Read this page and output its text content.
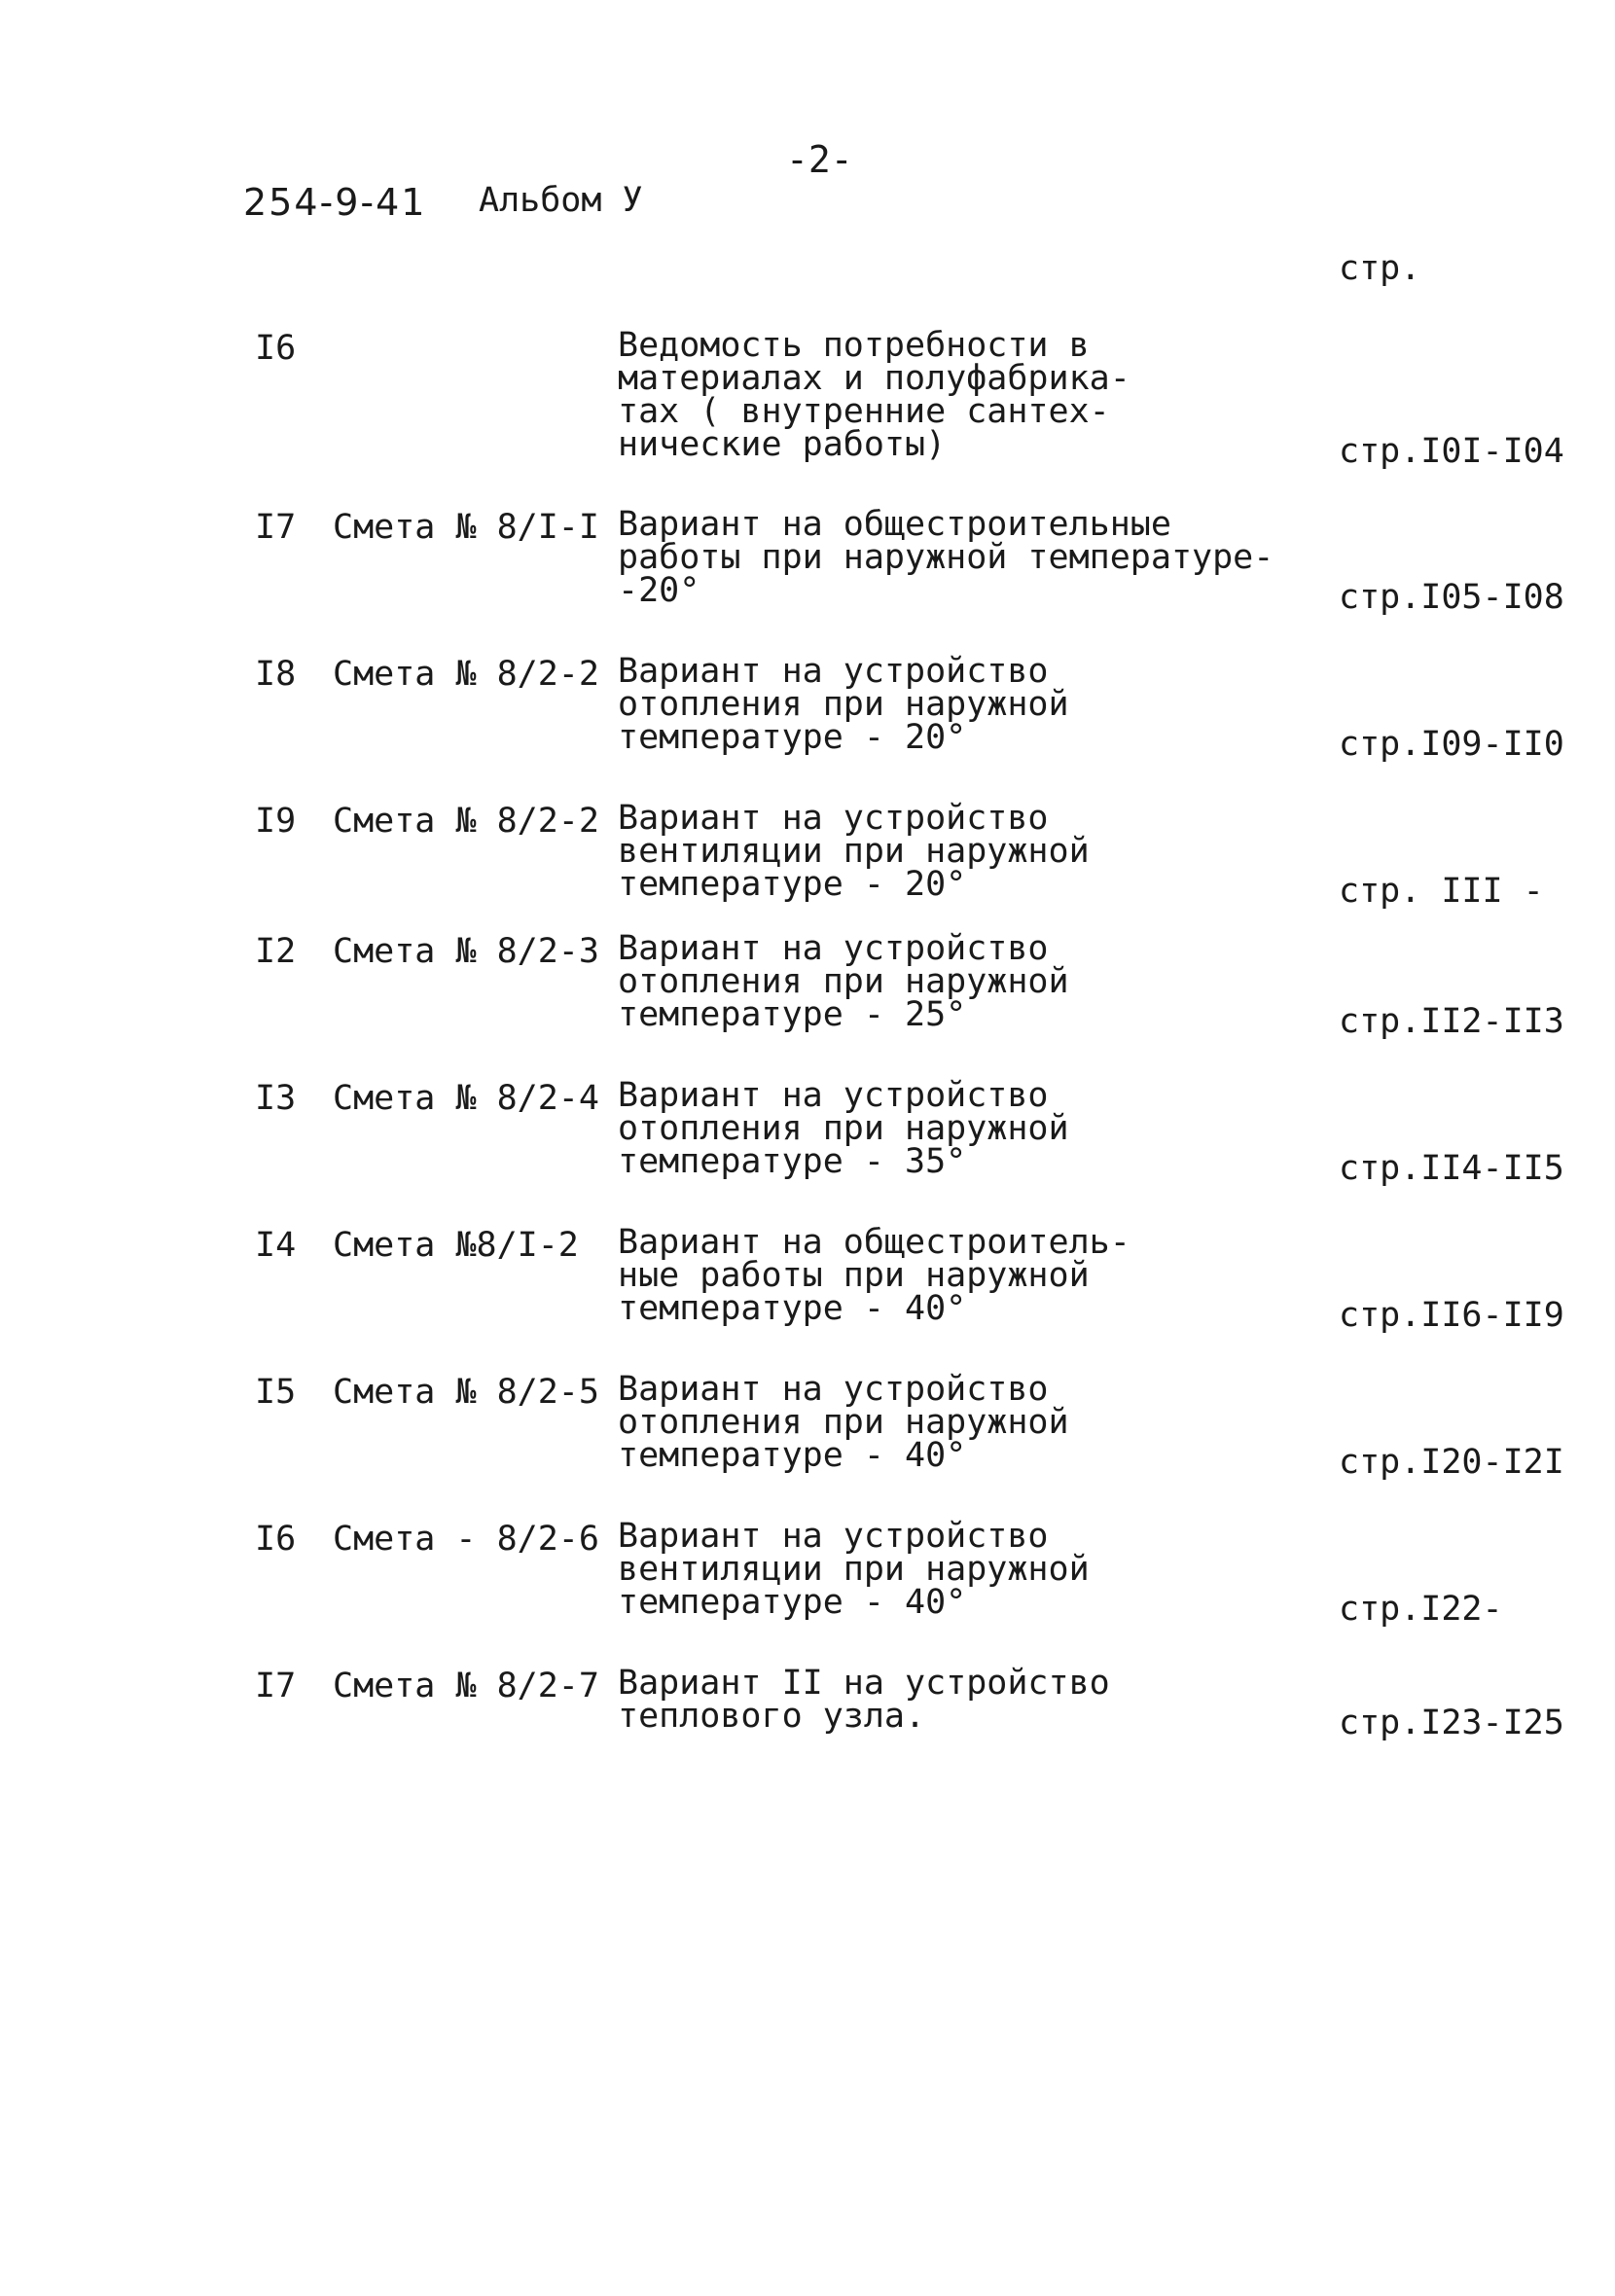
-2-
254-9-41 Альбом У
стр.
I6	Ведомость потребности в
материалах и полуфабрика-
тах ( внутренние сантех-
нические работы)	стр.I0I-I04
I7 Смета № 8/I-I Вариант на общестроительные
работы при наружной температуре-
-20°	стр.I05-I08
I8 Смета № 8/2-2 Вариант на устройство
отопления при наружной
температуре - 20°	стр.I09-II0
I9 Смета № 8/2-2 Вариант на устройство
вентиляции при наружной
температуре - 20°	стр. III -
I2 Смета № 8/2-3 Вариант на устройство
отопления при наружной
температуре - 25°	стр.II2-II3
I3 Смета № 8/2-4 Вариант на устройство
отопления при наружной
температуре - 35°	стр.II4-II5
I4 Смета №8/I-2 Вариант на общестроитель-
ные работы при наружной
температуре - 40°	стр.II6-II9
I5 Смета № 8/2-5 Вариант на устройство
отопления при наружной
температуре - 40°	стр.I20-I2I
I6 Смета - 8/2-6 Вариант на устройство
вентиляции при наружной
температуре - 40°	стр.I22-
I7 Смета № 8/2-7 Вариант II на устройство
теплового узла.	стр.I23-I25
